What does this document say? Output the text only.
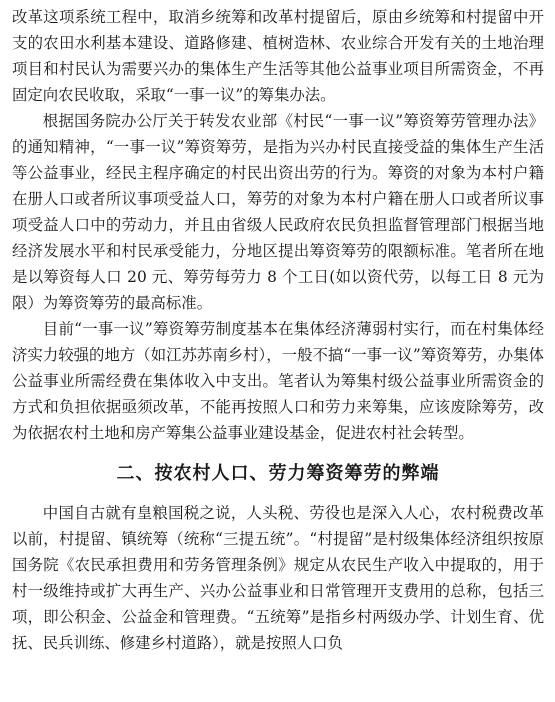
改革这项系统工程中，取消乡统筹和改革村提留后，原由乡统筹和村提留中开支的农田水利基本建设、道路修建、植树造林、农业综合开发有关的土地治理项目和村民认为需要兴办的集体生产生活等其他公益事业项目所需资金，不再固定向农民收取，采取“一事一议”的筹集办法。

根据国务院办公厅关于转发农业部《村民“一事一议”筹资筹劳管理办法》的通知精神，“一事一议”筹资筹劳，是指为兴办村民直接受益的集体生产生活等公益事业，经民主程序确定的村民出资出劳的行为。筹资的对象为本村户籍在册人口或者所议事项受益人口，筹劳的对象为本村户籍在册人口或者所议事项受益人口中的劳动力，并且由省级人民政府农民负担监督管理部门根据当地经济发展水平和村民承受能力，分地区提出筹资筹劳的限额标准。笔者所在地是以筹资每人口 20 元、筹劳每劳力 8 个工日(如以资代劳，以每工日 8 元为限）为筹资筹劳的最高标准。

目前“一事一议”筹资筹劳制度基本在集体经济薄弱村实行，而在村集体经济实力较强的地方（如江苏苏南乡村），一般不搞“一事一议”筹资筹劳，办集体公益事业所需经费在集体收入中支出。笔者认为筹集村级公益事业所需资金的方式和负担依据亟须改革，不能再按照人口和劳力来筹集，应该废除筹劳，改为依据农村土地和房产筹集公益事业建设基金，促进农村社会转型。

二、按农村人口、劳力筹资筹劳的弊端

中国自古就有皇粮国税之说，人头税、劳役也是深入人心，农村税费改革以前，村提留、镇统筹（统称“三提五统”。“村提留”是村级集体经济组织按原国务院《农民承担费用和劳务管理条例》规定从农民生产收入中提取的，用于村一级维持或扩大再生产、兴办公益事业和日常管理开支费用的总称，包括三项，即公积金、公益金和管理费。“五统筹”是指乡村两级办学、计划生育、优抚、民兵训练、修建乡村道路），就是按照人口负
